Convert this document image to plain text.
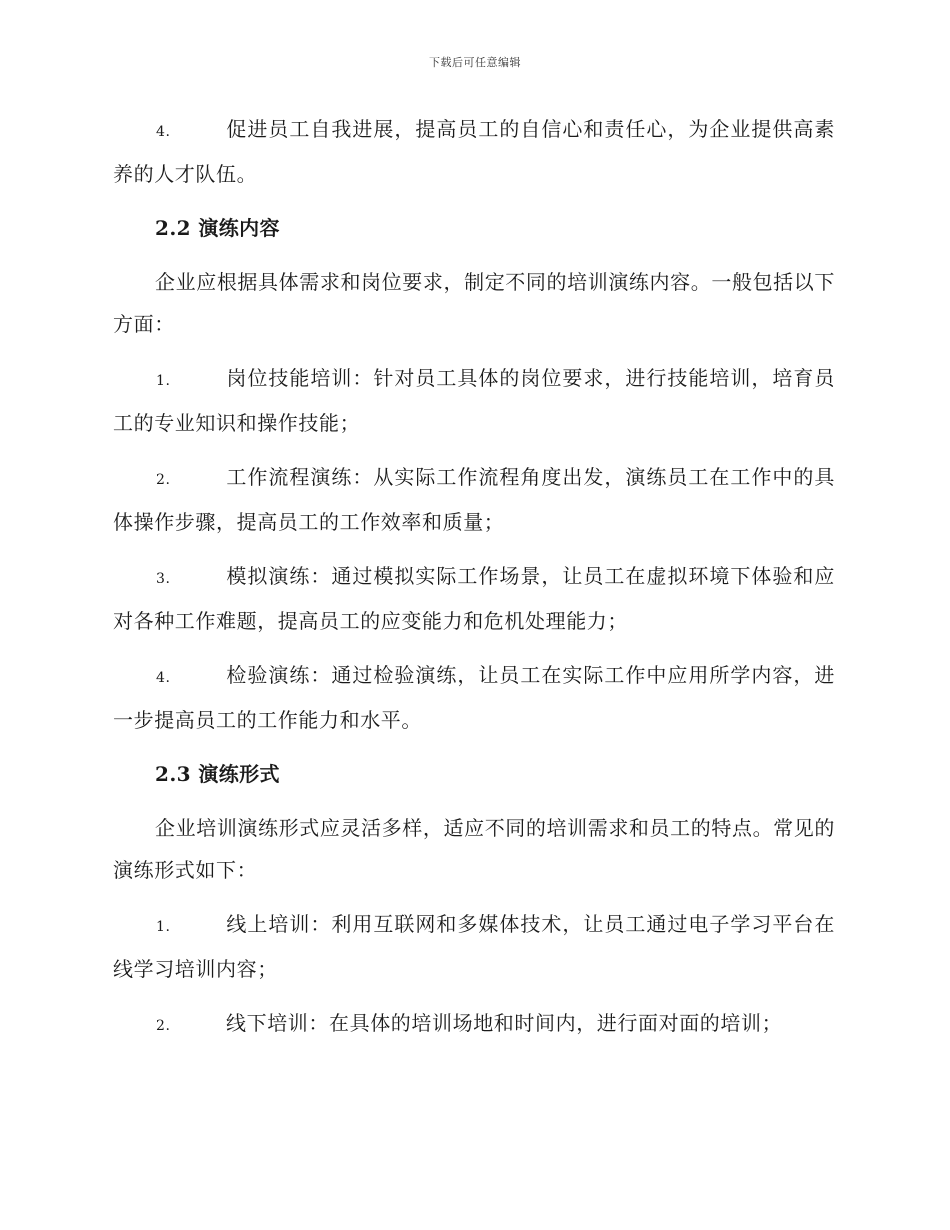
下载后可任意编辑

4.	促进员工自我进展，提高员工的自信心和责任心，为企业提供高素养的人才队伍。

2.2 演练内容

企业应根据具体需求和岗位要求，制定不同的培训演练内容。一般包括以下方面：

1.	岗位技能培训：针对员工具体的岗位要求，进行技能培训，培育员工的专业知识和操作技能；

2.	工作流程演练：从实际工作流程角度出发，演练员工在工作中的具体操作步骤，提高员工的工作效率和质量；

3.	模拟演练：通过模拟实际工作场景，让员工在虚拟环境下体验和应对各种工作难题，提高员工的应变能力和危机处理能力；

4.	检验演练：通过检验演练，让员工在实际工作中应用所学内容，进一步提高员工的工作能力和水平。

2.3 演练形式

企业培训演练形式应灵活多样，适应不同的培训需求和员工的特点。常见的演练形式如下：

1.	线上培训：利用互联网和多媒体技术，让员工通过电子学习平台在线学习培训内容；

2.	线下培训：在具体的培训场地和时间内，进行面对面的培训；
